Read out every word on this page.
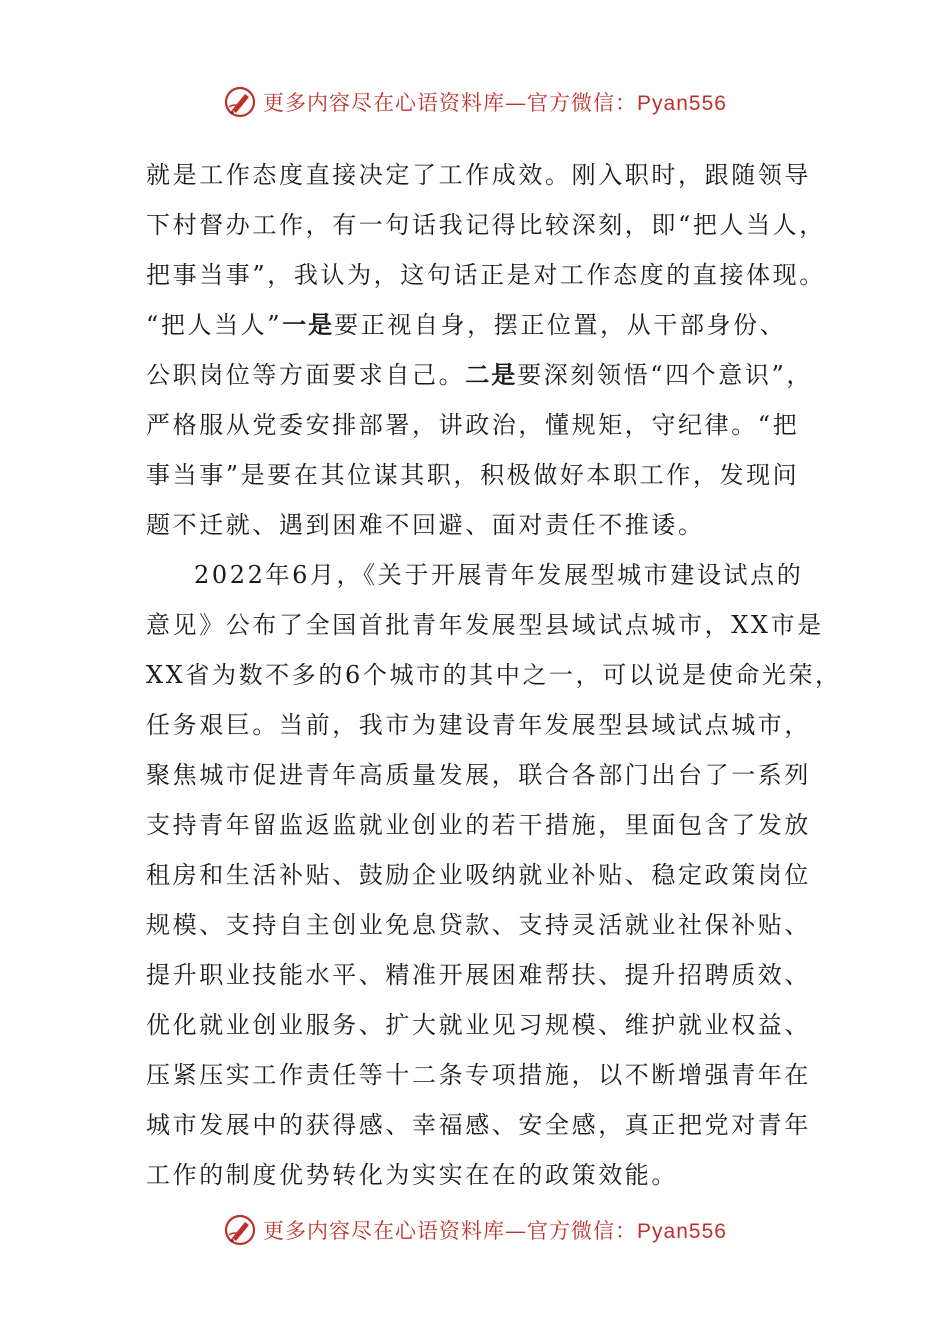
更多内容尽在心语资料库—官方微信：Pyan556
就是工作态度直接决定了工作成效。刚入职时，跟随领导
下村督办工作，有一句话我记得比较深刻，即“把人当人，
把事当事”，我认为，这句话正是对工作态度的直接体现。
“把人当人”一是要正视自身，摆正位置，从干部身份、
公职岗位等方面要求自己。二是要深刻领悟“四个意识”，
严格服从党委安排部署，讲政治，懂规矩，守纪律。“把
事当事”是要在其位谋其职，积极做好本职工作，发现问
题不迁就、遇到困难不回避、面对责任不推诿。
2022年6月，《关于开展青年发展型城市建设试点的
意见》公布了全国首批青年发展型县域试点城市，XX市是
XX省为数不多的6个城市的其中之一，可以说是使命光荣，
任务艰巨。当前，我市为建设青年发展型县域试点城市，
聚焦城市促进青年高质量发展，联合各部门出台了一系列
支持青年留监返监就业创业的若干措施，里面包含了发放
租房和生活补贴、鼓励企业吸纳就业补贴、稳定政策岗位
规模、支持自主创业免息贷款、支持灵活就业社保补贴、
提升职业技能水平、精准开展困难帮扶、提升招聘质效、
优化就业创业服务、扩大就业见习规模、维护就业权益、
压紧压实工作责任等十二条专项措施，以不断增强青年在
城市发展中的获得感、幸福感、安全感，真正把党对青年
工作的制度优势转化为实实在在的政策效能。
更多内容尽在心语资料库—官方微信：Pyan556
